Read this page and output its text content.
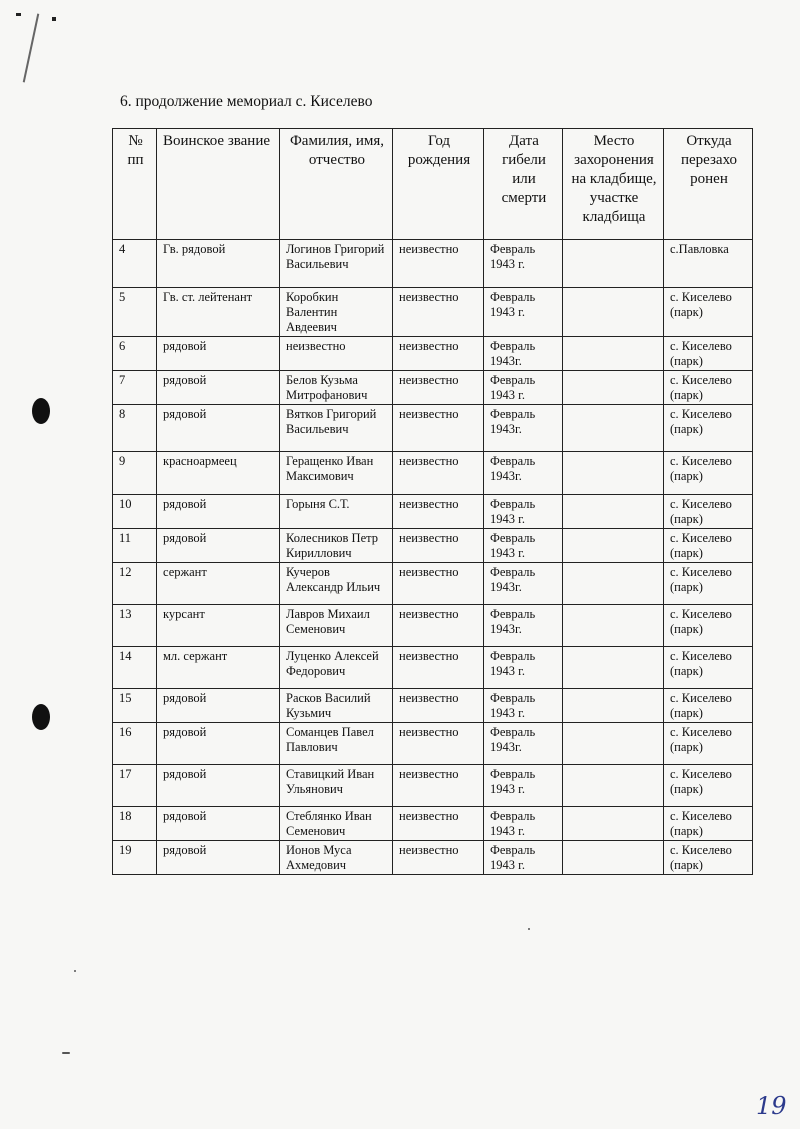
6. продолжение мемориал с. Киселево
№ пп	Воинское звание	Фамилия, имя, отчество	Год рождения	Дата гибели или смерти	Место захоронения на кладбище, участке кладбища	Откуда перезахо ронен
4	Гв. рядовой	Логинов Григорий Васильевич	неизвестно	Февраль 1943 г.		с.Павловка
5	Гв. ст. лейтенант	Коробкин Валентин Авдеевич	неизвестно	Февраль 1943 г.		с. Киселево (парк)
6	рядовой	неизвестно	неизвестно	Февраль 1943г.		с. Киселево (парк)
7	рядовой	Белов Кузьма Митрофанович	неизвестно	Февраль 1943 г.		с. Киселево (парк)
8	рядовой	Вятков Григорий Васильевич	неизвестно	Февраль 1943г.		с. Киселево (парк)
9	красноармеец	Геращенко Иван Максимович	неизвестно	Февраль 1943г.		с. Киселево (парк)
10	рядовой	Горыня С.Т.	неизвестно	Февраль 1943 г.		с. Киселево (парк)
11	рядовой	Колесников Петр Кириллович	неизвестно	Февраль 1943 г.		с. Киселево (парк)
12	сержант	Кучеров Александр Ильич	неизвестно	Февраль 1943г.		с. Киселево (парк)
13	курсант	Лавров Михаил Семенович	неизвестно	Февраль 1943г.		с. Киселево (парк)
14	мл. сержант	Луценко Алексей Федорович	неизвестно	Февраль 1943 г.		с. Киселево (парк)
15	рядовой	Расков Василий Кузьмич	неизвестно	Февраль 1943 г.		с. Киселево (парк)
16	рядовой	Соманцев Павел Павлович	неизвестно	Февраль 1943г.		с. Киселево (парк)
17	рядовой	Ставицкий Иван Ульянович	неизвестно	Февраль 1943 г.		с. Киселево (парк)
18	рядовой	Стеблянко Иван Семенович	неизвестно	Февраль 1943 г.		с. Киселево (парк)
19	рядовой	Ионов Муса Ахмедович	неизвестно	Февраль 1943 г.		с. Киселево (парк)
19
